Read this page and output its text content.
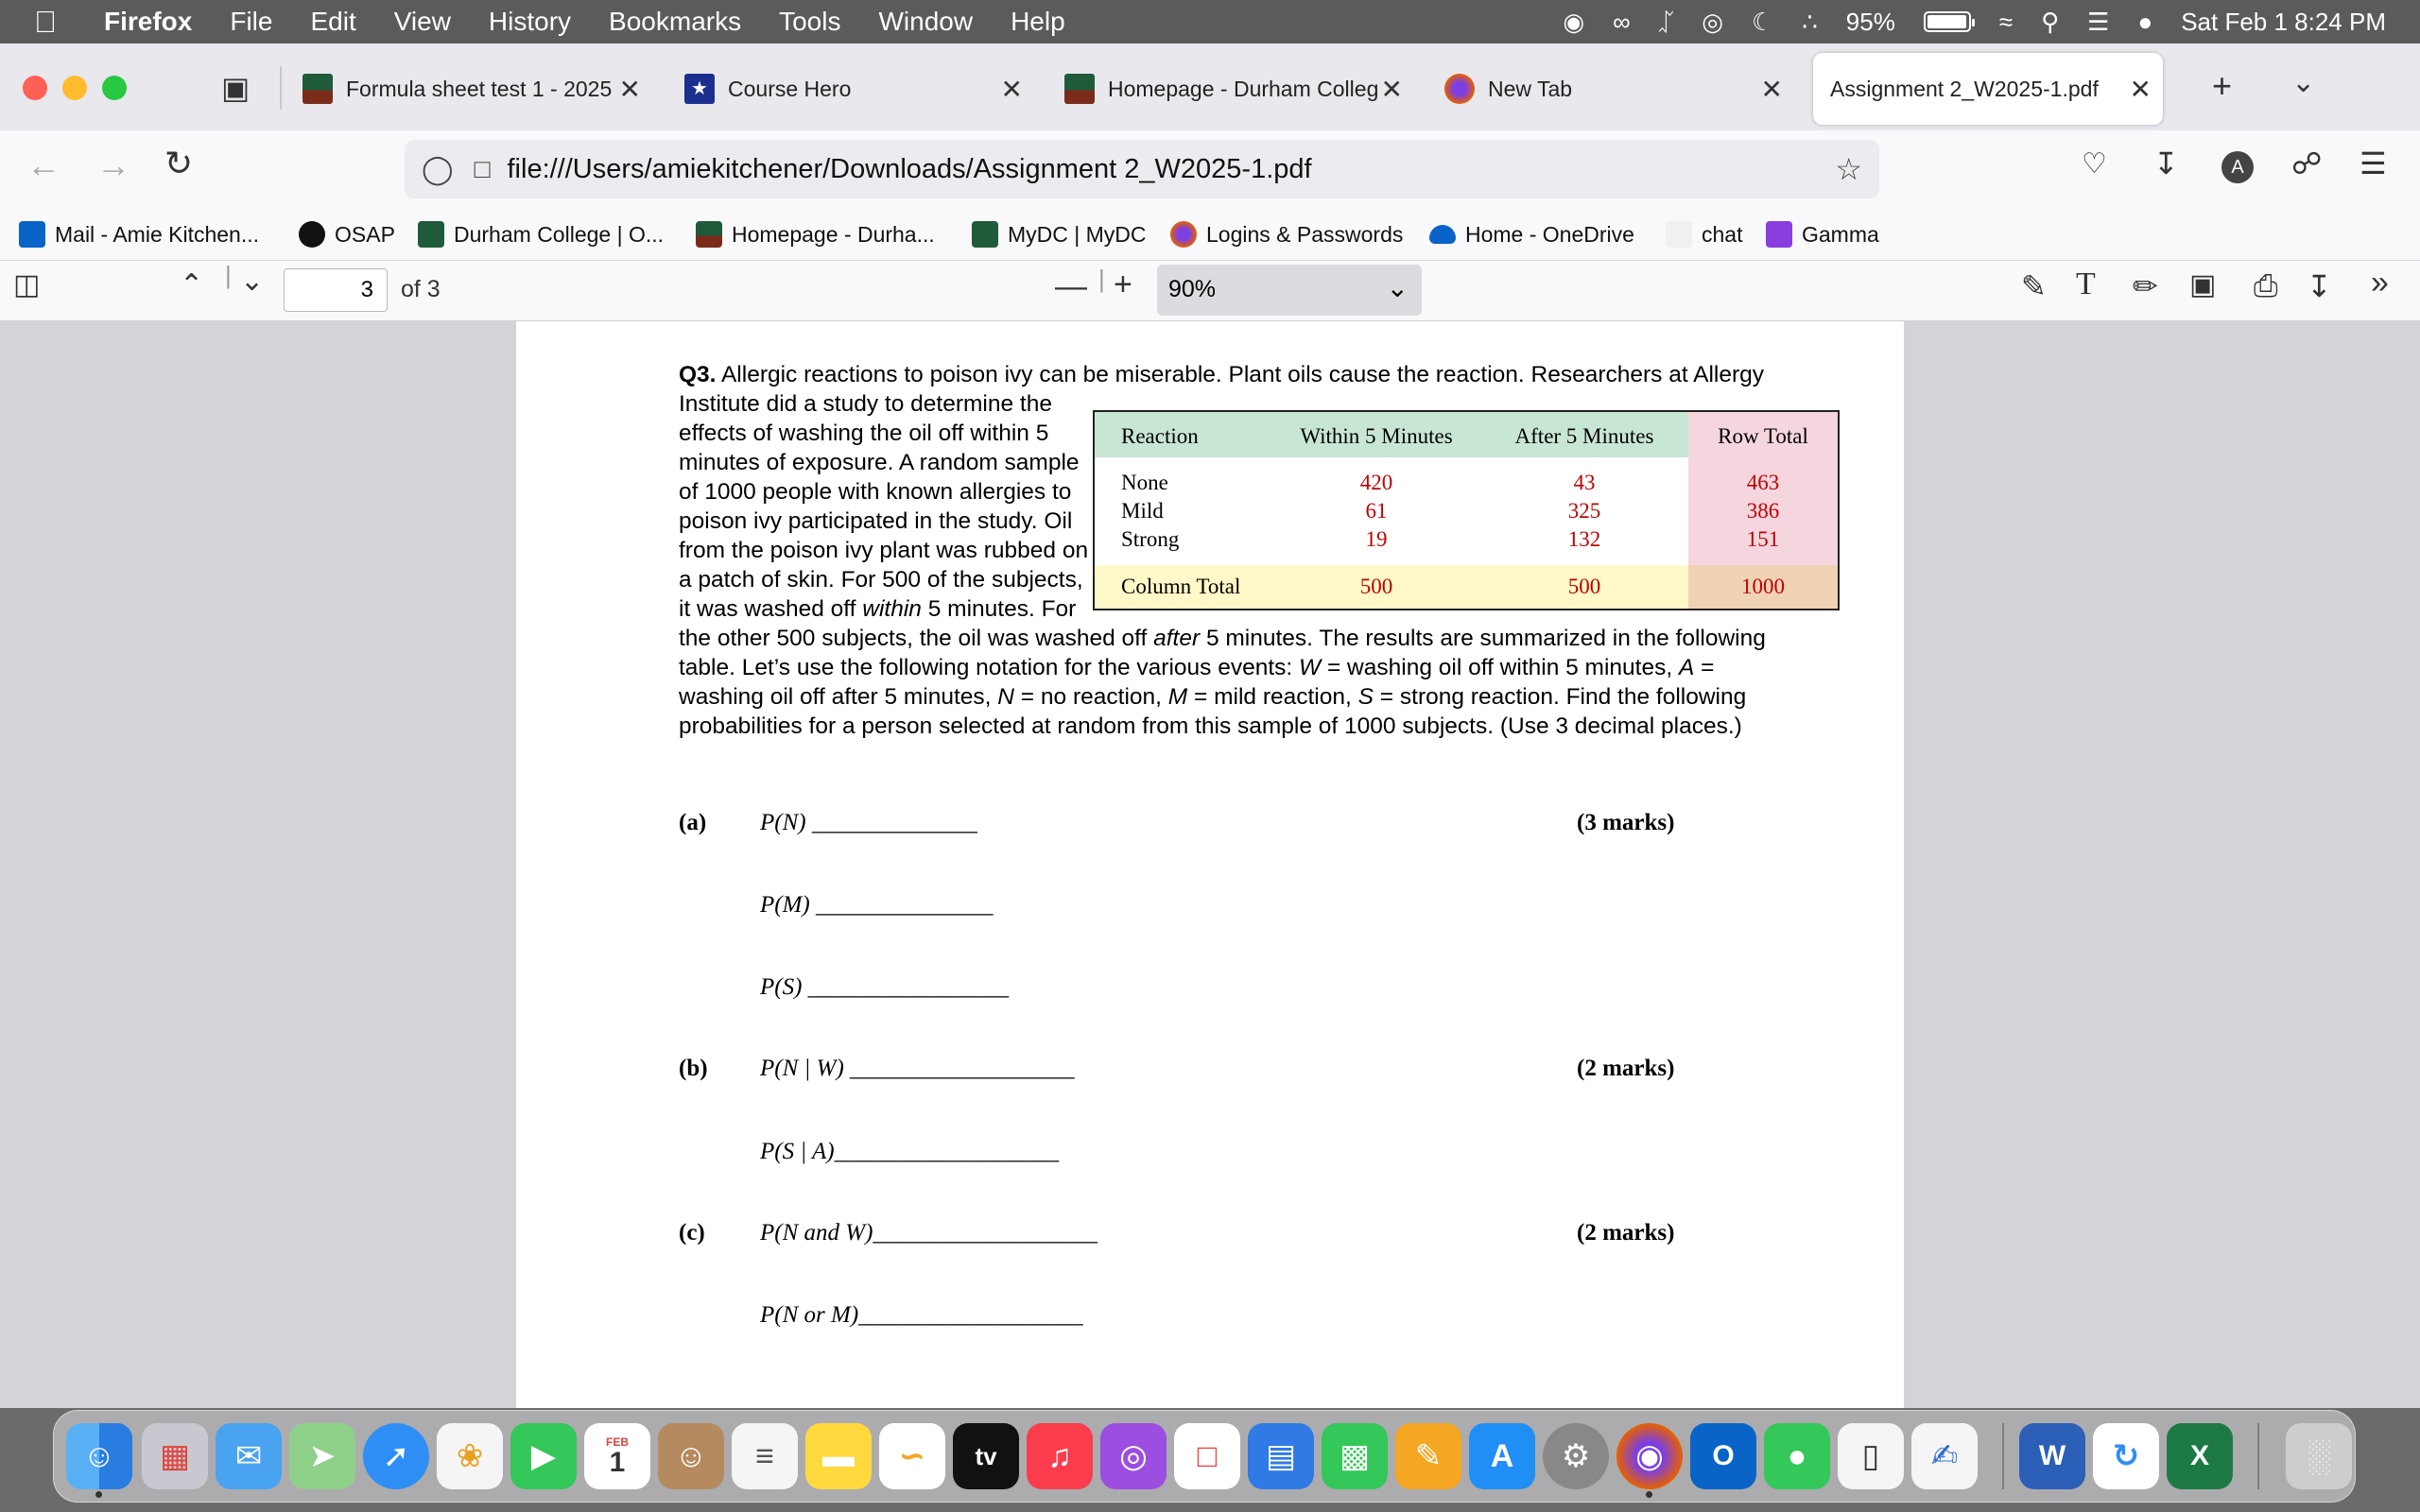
Firefox File Edit View History Bookmarks Tools Window Help	◉ ∞ ᛢ ◎ ☾ ∴ 95%	≈ ⚲ ☰ ● Sat Feb 1 8:24 PM
▣	Formula sheet test 1 - 2025 ✕	★ Course Hero	✕	Homepage - Durham Colleg ✕	New Tab	✕ Assignment 2_W2025-1.pdf ✕ + ⌄
← → ↻	◯ □ file:///Users/amiekitchener/Downloads/Assignment 2_W2025-1.pdf	☆	♡ ↧	A	☍ ☰
Mail - Amie Kitchen...	OSAP	Durham College | O...	Homepage - Durha...	MyDC | MyDC	Logins & Passwords	Home - OneDrive	chat	Gamma
◫	⌃ | ⌄	3	of 3	— | +	90%	⌄	✎ T ✏ ▣ ⎙ ↧ »
Q3. Allergic reactions to poison ivy can be miserable. Plant oils cause the reaction. Researchers at Allergy
Institute did a study to determine the
effects of washing the oil off within 5
minutes of exposure. A random sample
of 1000 people with known allergies to
poison ivy participated in the study. Oil
from the poison ivy plant was rubbed on
a patch of skin. For 500 of the subjects,
it was washed off within 5 minutes. For
the other 500 subjects, the oil was washed off after 5 minutes. The results are summarized in the following
table. Let’s use the following notation for the various events: W = washing oil off within 5 minutes, A =
washing oil off after 5 minutes, N = no reaction, M = mild reaction, S = strong reaction. Find the following
probabilities for a person selected at random from this sample of 1000 subjects. (Use 3 decimal places.)
Reaction	Within 5 Minutes	After 5 Minutes	Row Total
None	420	43	463
Mild	61	325	386
Strong	19	132	151
Column Total	500	500	1000
(a) P(N) ______________	(3 marks)
P(M) _______________
P(S) _________________
(b) P(N | W) ___________________	(2 marks)
P(S | A)___________________
(c) P(N and W)___________________	(2 marks)
P(N or M)___________________
☺	▦	✉	➤	➚	❀	▶	FEB
1	☺	≡	▬	∽	tv	♫	◎	□	▤	▩	✎	A	⚙	◉	O	●	▯	✍	W	↻	X	░
